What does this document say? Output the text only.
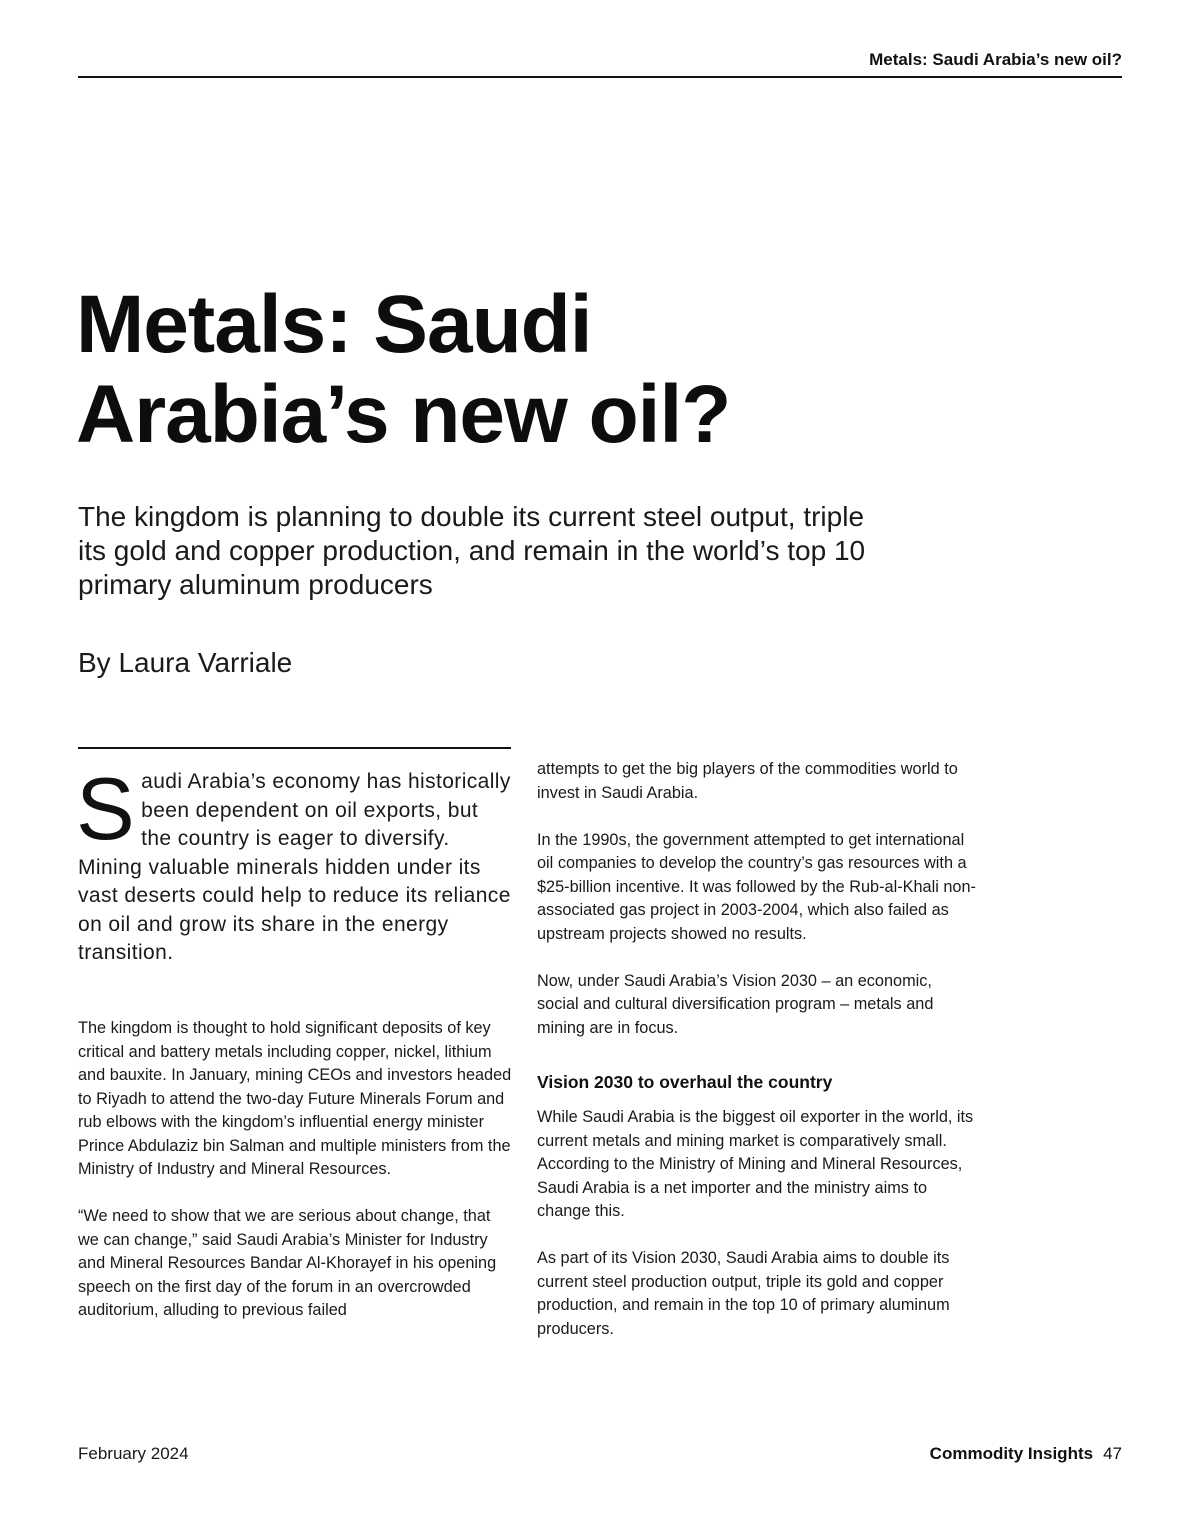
Metals: Saudi Arabia’s new oil?
Metals: Saudi
Arabia’s new oil?

The kingdom is planning to double its current steel output, triple its gold and copper production, and remain in the world’s top 10 primary aluminum producers

By Laura Varriale

Saudi Arabia’s economy has historically been dependent on oil exports, but the country is eager to diversify. Mining valuable minerals hidden under its vast deserts could help to reduce its reliance on oil and grow its share in the energy transition.

The kingdom is thought to hold significant deposits of key critical and battery metals including copper, nickel, lithium and bauxite. In January, mining CEOs and investors headed to Riyadh to attend the two-day Future Minerals Forum and rub elbows with the kingdom’s influential energy minister Prince Abdulaziz bin Salman and multiple ministers from the Ministry of Industry and Mineral Resources.

“We need to show that we are serious about change, that we can change,” said Saudi Arabia’s Minister for Industry and Mineral Resources Bandar Al-Khorayef in his opening speech on the first day of the forum in an overcrowded auditorium, alluding to previous failed

attempts to get the big players of the commodities world to invest in Saudi Arabia.

In the 1990s, the government attempted to get international oil companies to develop the country’s gas resources with a $25-billion incentive. It was followed by the Rub-al-Khali non-associated gas project in 2003-2004, which also failed as upstream projects showed no results.

Now, under Saudi Arabia’s Vision 2030 – an economic, social and cultural diversification program – metals and mining are in focus.

Vision 2030 to overhaul the country

While Saudi Arabia is the biggest oil exporter in the world, its current metals and mining market is comparatively small. According to the Ministry of Mining and Mineral Resources, Saudi Arabia is a net importer and the ministry aims to change this.

As part of its Vision 2030, Saudi Arabia aims to double its current steel production output, triple its gold and copper production, and remain in the top 10 of primary aluminum producers.

February 2024	Commodity Insights 47
